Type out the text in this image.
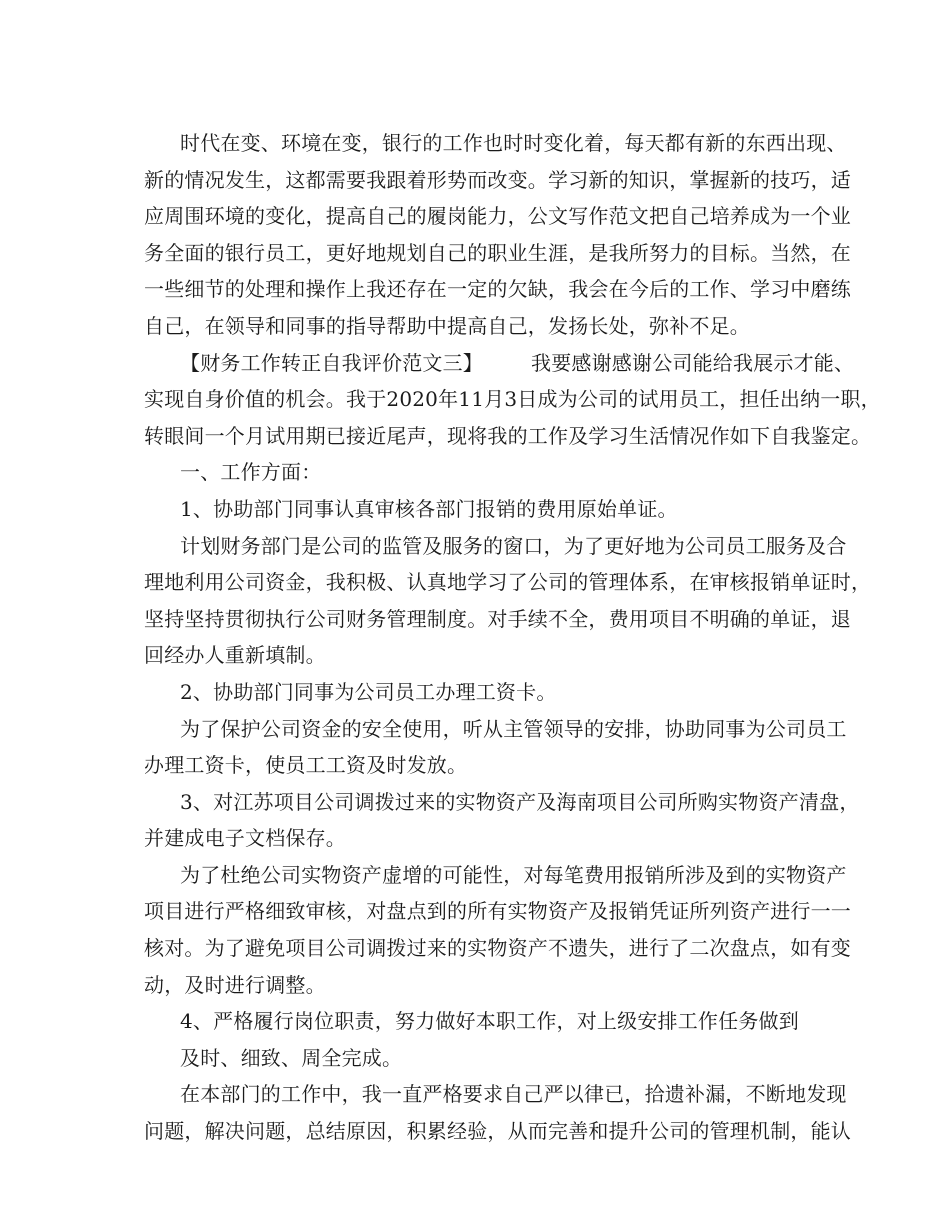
时代在变、环境在变，银行的工作也时时变化着，每天都有新的东西出现、
新的情况发生，这都需要我跟着形势而改变。学习新的知识，掌握新的技巧，适
应周围环境的变化，提高自己的履岗能力，公文写作范文把自己培养成为一个业
务全面的银行员工，更好地规划自己的职业生涯，是我所努力的目标。当然，在
一些细节的处理和操作上我还存在一定的欠缺，我会在今后的工作、学习中磨练
自己，在领导和同事的指导帮助中提高自己，发扬长处，弥补不足。
【财务工作转正自我评价范文三】 我要感谢感谢公司能给我展示才能、
实现自身价值的机会。我于2020年11月3日成为公司的试用员工，担任出纳一职，
转眼间一个月试用期已接近尾声，现将我的工作及学习生活情况作如下自我鉴定。
一、工作方面：
1、协助部门同事认真审核各部门报销的费用原始单证。
计划财务部门是公司的监管及服务的窗口，为了更好地为公司员工服务及合
理地利用公司资金，我积极、认真地学习了公司的管理体系，在审核报销单证时，
坚持坚持贯彻执行公司财务管理制度。对手续不全，费用项目不明确的单证，退
回经办人重新填制。
2、协助部门同事为公司员工办理工资卡。
为了保护公司资金的安全使用，听从主管领导的安排，协助同事为公司员工
办理工资卡，使员工工资及时发放。
3、对江苏项目公司调拨过来的实物资产及海南项目公司所购实物资产清盘，
并建成电子文档保存。
为了杜绝公司实物资产虚增的可能性，对每笔费用报销所涉及到的实物资产
项目进行严格细致审核，对盘点到的所有实物资产及报销凭证所列资产进行一一
核对。为了避免项目公司调拨过来的实物资产不遗失，进行了二次盘点，如有变
动，及时进行调整。
4、严格履行岗位职责，努力做好本职工作，对上级安排工作任务做到
及时、细致、周全完成。
在本部门的工作中，我一直严格要求自己严以律已，拾遗补漏，不断地发现
问题，解决问题，总结原因，积累经验，从而完善和提升公司的管理机制，能认
